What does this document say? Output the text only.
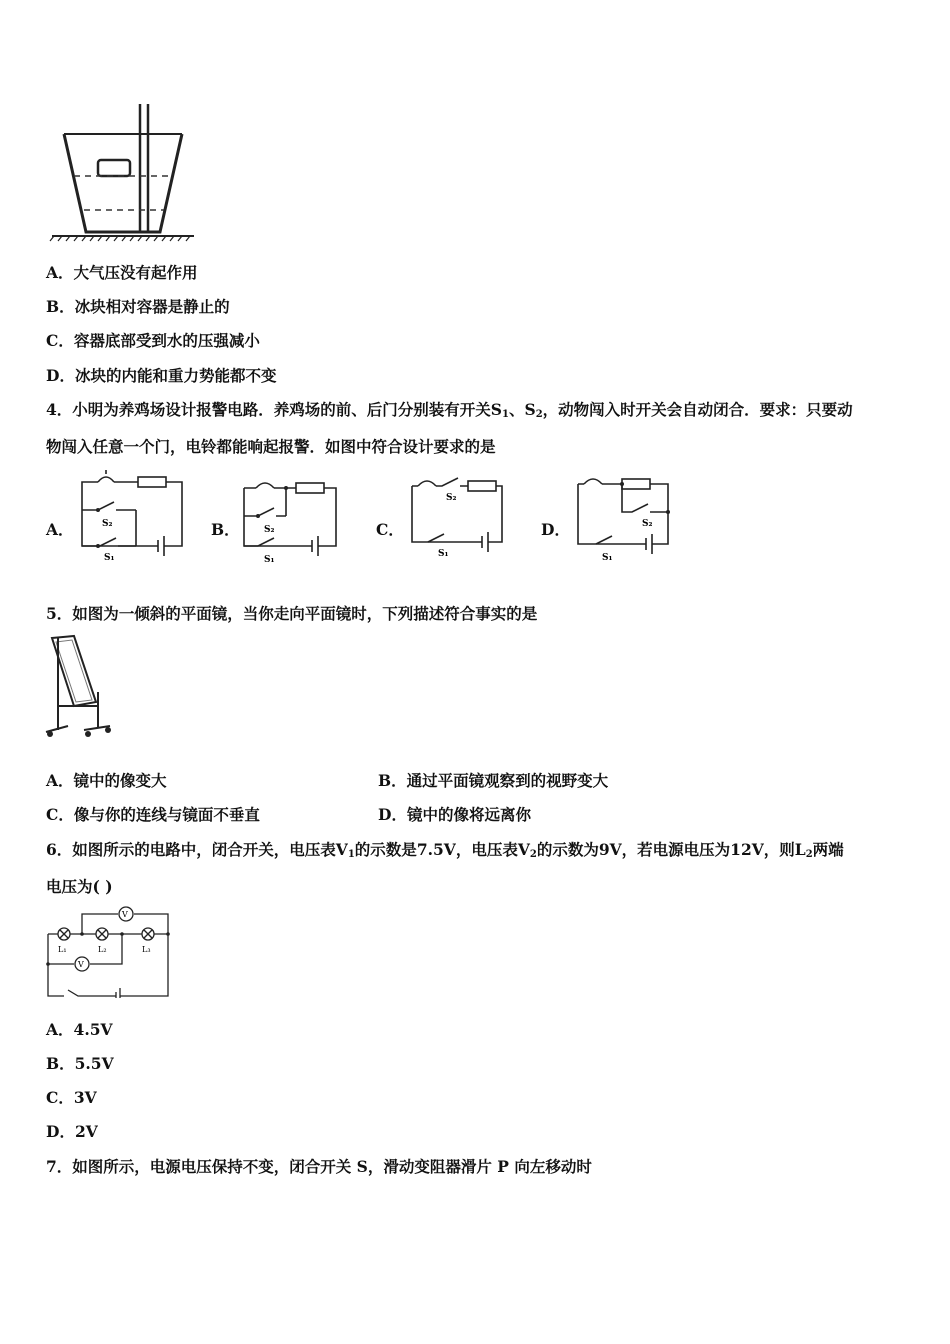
A．大气压没有起作用
B．冰块相对容器是静止的
C．容器底部受到水的压强减小
D．冰块的内能和重力势能都不变
4．小明为养鸡场设计报警电路．养鸡场的前、后门分别装有开关$S_1$、$S_2$，动物闯入时开关会自动闭合．要求：只要动
物闯入任意一个门，电铃都能响起报警．如图中符合设计要求的是
A．	B．	C．	D．
S₂
S₁
S₂
S₁
S₂
S₁
S₂
S₁
5．如图为一倾斜的平面镜，当你走向平面镜时，下列描述符合事实的是
A．镜中的像变大	B．通过平面镜观察到的视野变大
C．像与你的连线与镜面不垂直	D．镜中的像将远离你
6．如图所示的电路中，闭合开关，电压表$V_1$的示数是7.5V，电压表$V_2$的示数为9V，若电源电压为12V，则$L_2$两端
电压为( )
V
V
L₁	L₂	L₃
A．4.5V
B．5.5V
C．3V
D．2V
7．如图所示，电源电压保持不变，闭合开关 S，滑动变阻器滑片 P 向左移动时
